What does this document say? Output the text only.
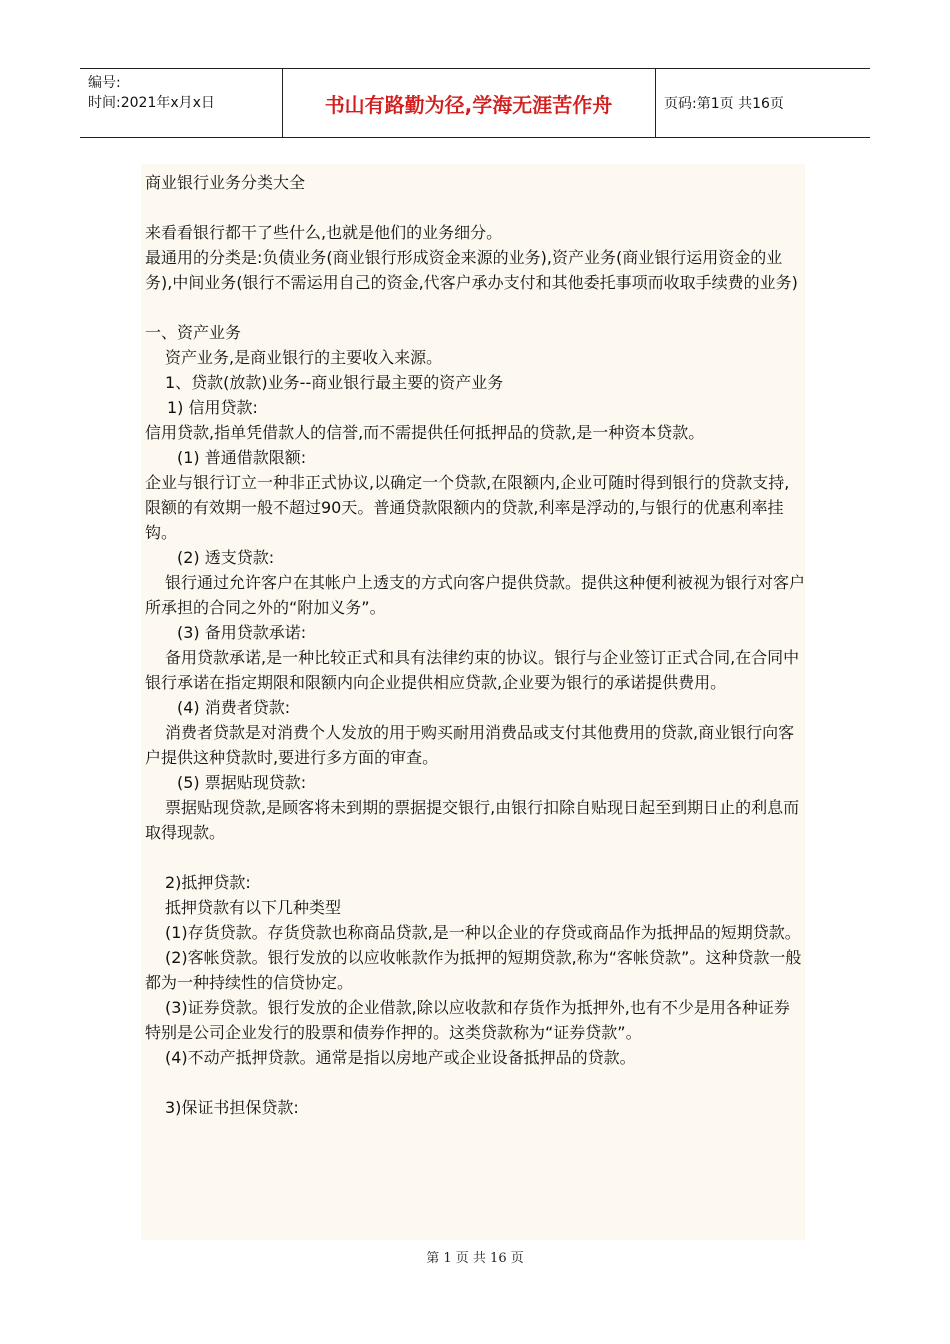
编号:
时间:2021年x月x日	书山有路勤为径,学海无涯苦作舟	页码:第1页 共16页
商业银行业务分类大全
来看看银行都干了些什么,也就是他们的业务细分。
最通用的分类是:负债业务(商业银行形成资金来源的业务),资产业务(商业银行运用资金的业务),中间业务(银行不需运用自己的资金,代客户承办支付和其他委托事项而收取手续费的业务)
一、资产业务
资产业务,是商业银行的主要收入来源。
1、贷款(放款)业务--商业银行最主要的资产业务
1) 信用贷款:
信用贷款,指单凭借款人的信誉,而不需提供任何抵押品的贷款,是一种资本贷款。
(1) 普通借款限额:
企业与银行订立一种非正式协议,以确定一个贷款,在限额内,企业可随时得到银行的贷款支持,限额的有效期一般不超过90天。普通贷款限额内的贷款,利率是浮动的,与银行的优惠利率挂钩。
(2) 透支贷款:
银行通过允许客户在其帐户上透支的方式向客户提供贷款。提供这种便利被视为银行对客户所承担的合同之外的“附加义务”。
(3) 备用贷款承诺:
备用贷款承诺,是一种比较正式和具有法律约束的协议。银行与企业签订正式合同,在合同中银行承诺在指定期限和限额内向企业提供相应贷款,企业要为银行的承诺提供费用。
(4) 消费者贷款:
消费者贷款是对消费个人发放的用于购买耐用消费品或支付其他费用的贷款,商业银行向客户提供这种贷款时,要进行多方面的审查。
(5) 票据贴现贷款:
票据贴现贷款,是顾客将未到期的票据提交银行,由银行扣除自贴现日起至到期日止的利息而取得现款。
2)抵押贷款:
抵押贷款有以下几种类型
(1)存货贷款。存货贷款也称商品贷款,是一种以企业的存贷或商品作为抵押品的短期贷款。
(2)客帐贷款。银行发放的以应收帐款作为抵押的短期贷款,称为“客帐贷款”。这种贷款一般都为一种持续性的信贷协定。
(3)证券贷款。银行发放的企业借款,除以应收款和存货作为抵押外,也有不少是用各种证券特别是公司企业发行的股票和债券作押的。这类贷款称为“证券贷款”。
(4)不动产抵押贷款。通常是指以房地产或企业设备抵押品的贷款。
3)保证书担保贷款:
第 1 页 共 16 页
